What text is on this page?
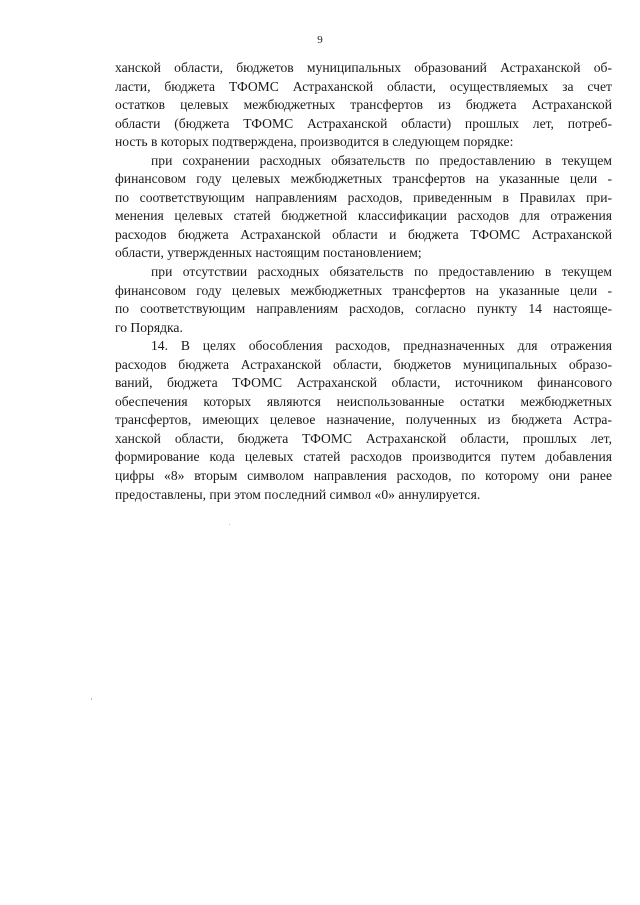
9
ханской области, бюджетов муниципальных образований Астраханской об-
ласти, бюджета ТФОМС Астраханской области, осуществляемых за счет
остатков целевых межбюджетных трансфертов из бюджета Астраханской
области (бюджета ТФОМС Астраханской области) прошлых лет, потреб-
ность в которых подтверждена, производится в следующем порядке:
при сохранении расходных обязательств по предоставлению в текущем
финансовом году целевых межбюджетных трансфертов на указанные цели -
по соответствующим направлениям расходов, приведенным в Правилах при-
менения целевых статей бюджетной классификации расходов для отражения
расходов бюджета Астраханской области и бюджета ТФОМС Астраханской
области, утвержденных настоящим постановлением;
при отсутствии расходных обязательств по предоставлению в текущем
финансовом году целевых межбюджетных трансфертов на указанные цели -
по соответствующим направлениям расходов, согласно пункту 14 настояще-
го Порядка.
14. В целях обособления расходов, предназначенных для отражения
расходов бюджета Астраханской области, бюджетов муниципальных образо-
ваний, бюджета ТФОМС Астраханской области, источником финансового
обеспечения которых являются неиспользованные остатки межбюджетных
трансфертов, имеющих целевое назначение, полученных из бюджета Астра-
ханской области, бюджета ТФОМС Астраханской области, прошлых лет,
формирование кода целевых статей расходов производится путем добавления
цифры «8» вторым символом направления расходов, по которому они ранее
предоставлены, при этом последний символ «0» аннулируется.
